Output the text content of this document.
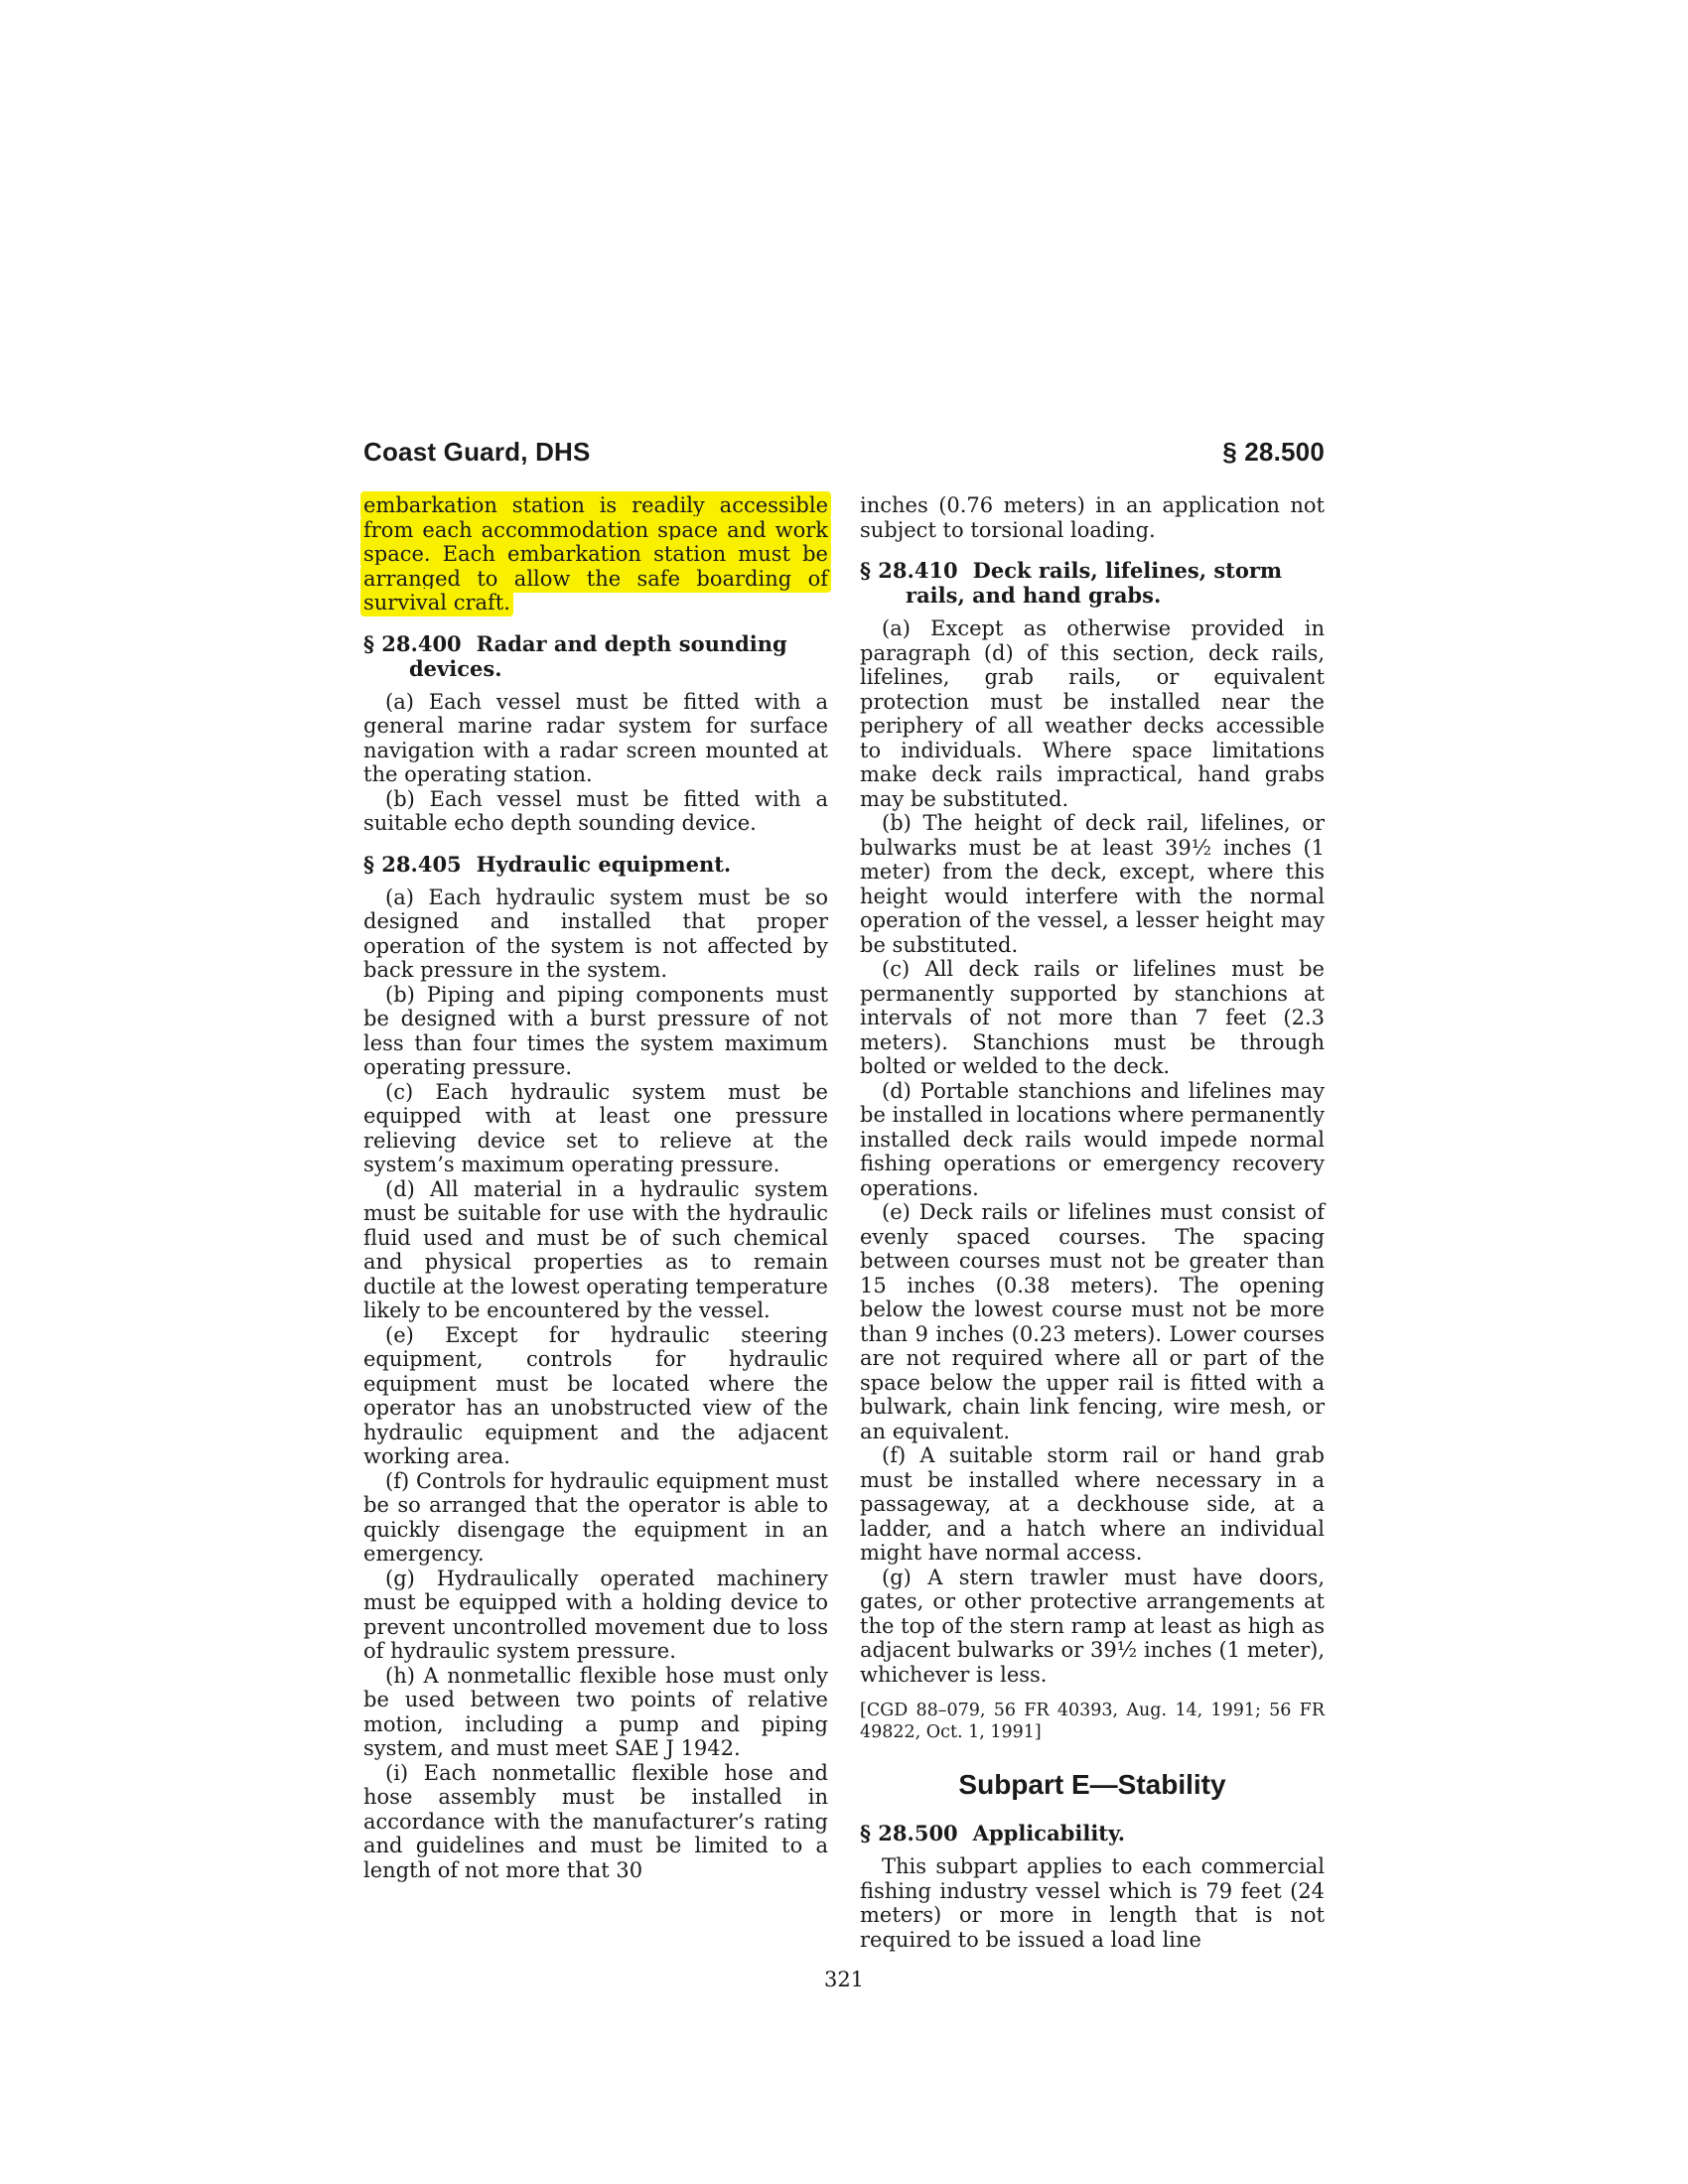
Coast Guard, DHS	§ 28.500

embarkation station is readily accessible from each accommodation space and work space. Each embarkation station must be arranged to allow the safe boarding of survival craft.

§ 28.400 Radar and depth sounding devices.

(a) Each vessel must be fitted with a general marine radar system for surface navigation with a radar screen mounted at the operating station.

(b) Each vessel must be fitted with a suitable echo depth sounding device.

§ 28.405 Hydraulic equipment.

(a) Each hydraulic system must be so designed and installed that proper operation of the system is not affected by back pressure in the system.

(b) Piping and piping components must be designed with a burst pressure of not less than four times the system maximum operating pressure.

(c) Each hydraulic system must be equipped with at least one pressure relieving device set to relieve at the system’s maximum operating pressure.

(d) All material in a hydraulic system must be suitable for use with the hydraulic fluid used and must be of such chemical and physical properties as to remain ductile at the lowest operating temperature likely to be encountered by the vessel.

(e) Except for hydraulic steering equipment, controls for hydraulic equipment must be located where the operator has an unobstructed view of the hydraulic equipment and the adjacent working area.

(f) Controls for hydraulic equipment must be so arranged that the operator is able to quickly disengage the equipment in an emergency.

(g) Hydraulically operated machinery must be equipped with a holding device to prevent uncontrolled movement due to loss of hydraulic system pressure.

(h) A nonmetallic flexible hose must only be used between two points of relative motion, including a pump and piping system, and must meet SAE J 1942.

(i) Each nonmetallic flexible hose and hose assembly must be installed in accordance with the manufacturer’s rating and guidelines and must be limited to a length of not more that 30

inches (0.76 meters) in an application not subject to torsional loading.

§ 28.410 Deck rails, lifelines, storm rails, and hand grabs.

(a) Except as otherwise provided in paragraph (d) of this section, deck rails, lifelines, grab rails, or equivalent protection must be installed near the periphery of all weather decks accessible to individuals. Where space limitations make deck rails impractical, hand grabs may be substituted.

(b) The height of deck rail, lifelines, or bulwarks must be at least 39½ inches (1 meter) from the deck, except, where this height would interfere with the normal operation of the vessel, a lesser height may be substituted.

(c) All deck rails or lifelines must be permanently supported by stanchions at intervals of not more than 7 feet (2.3 meters). Stanchions must be through bolted or welded to the deck.

(d) Portable stanchions and lifelines may be installed in locations where permanently installed deck rails would impede normal fishing operations or emergency recovery operations.

(e) Deck rails or lifelines must consist of evenly spaced courses. The spacing between courses must not be greater than 15 inches (0.38 meters). The opening below the lowest course must not be more than 9 inches (0.23 meters). Lower courses are not required where all or part of the space below the upper rail is fitted with a bulwark, chain link fencing, wire mesh, or an equivalent.

(f) A suitable storm rail or hand grab must be installed where necessary in a passageway, at a deckhouse side, at a ladder, and a hatch where an individual might have normal access.

(g) A stern trawler must have doors, gates, or other protective arrangements at the top of the stern ramp at least as high as adjacent bulwarks or 39½ inches (1 meter), whichever is less.

[CGD 88–079, 56 FR 40393, Aug. 14, 1991; 56 FR 49822, Oct. 1, 1991]

Subpart E—Stability
§ 28.500 Applicability.

This subpart applies to each commercial fishing industry vessel which is 79 feet (24 meters) or more in length that is not required to be issued a load line

321
